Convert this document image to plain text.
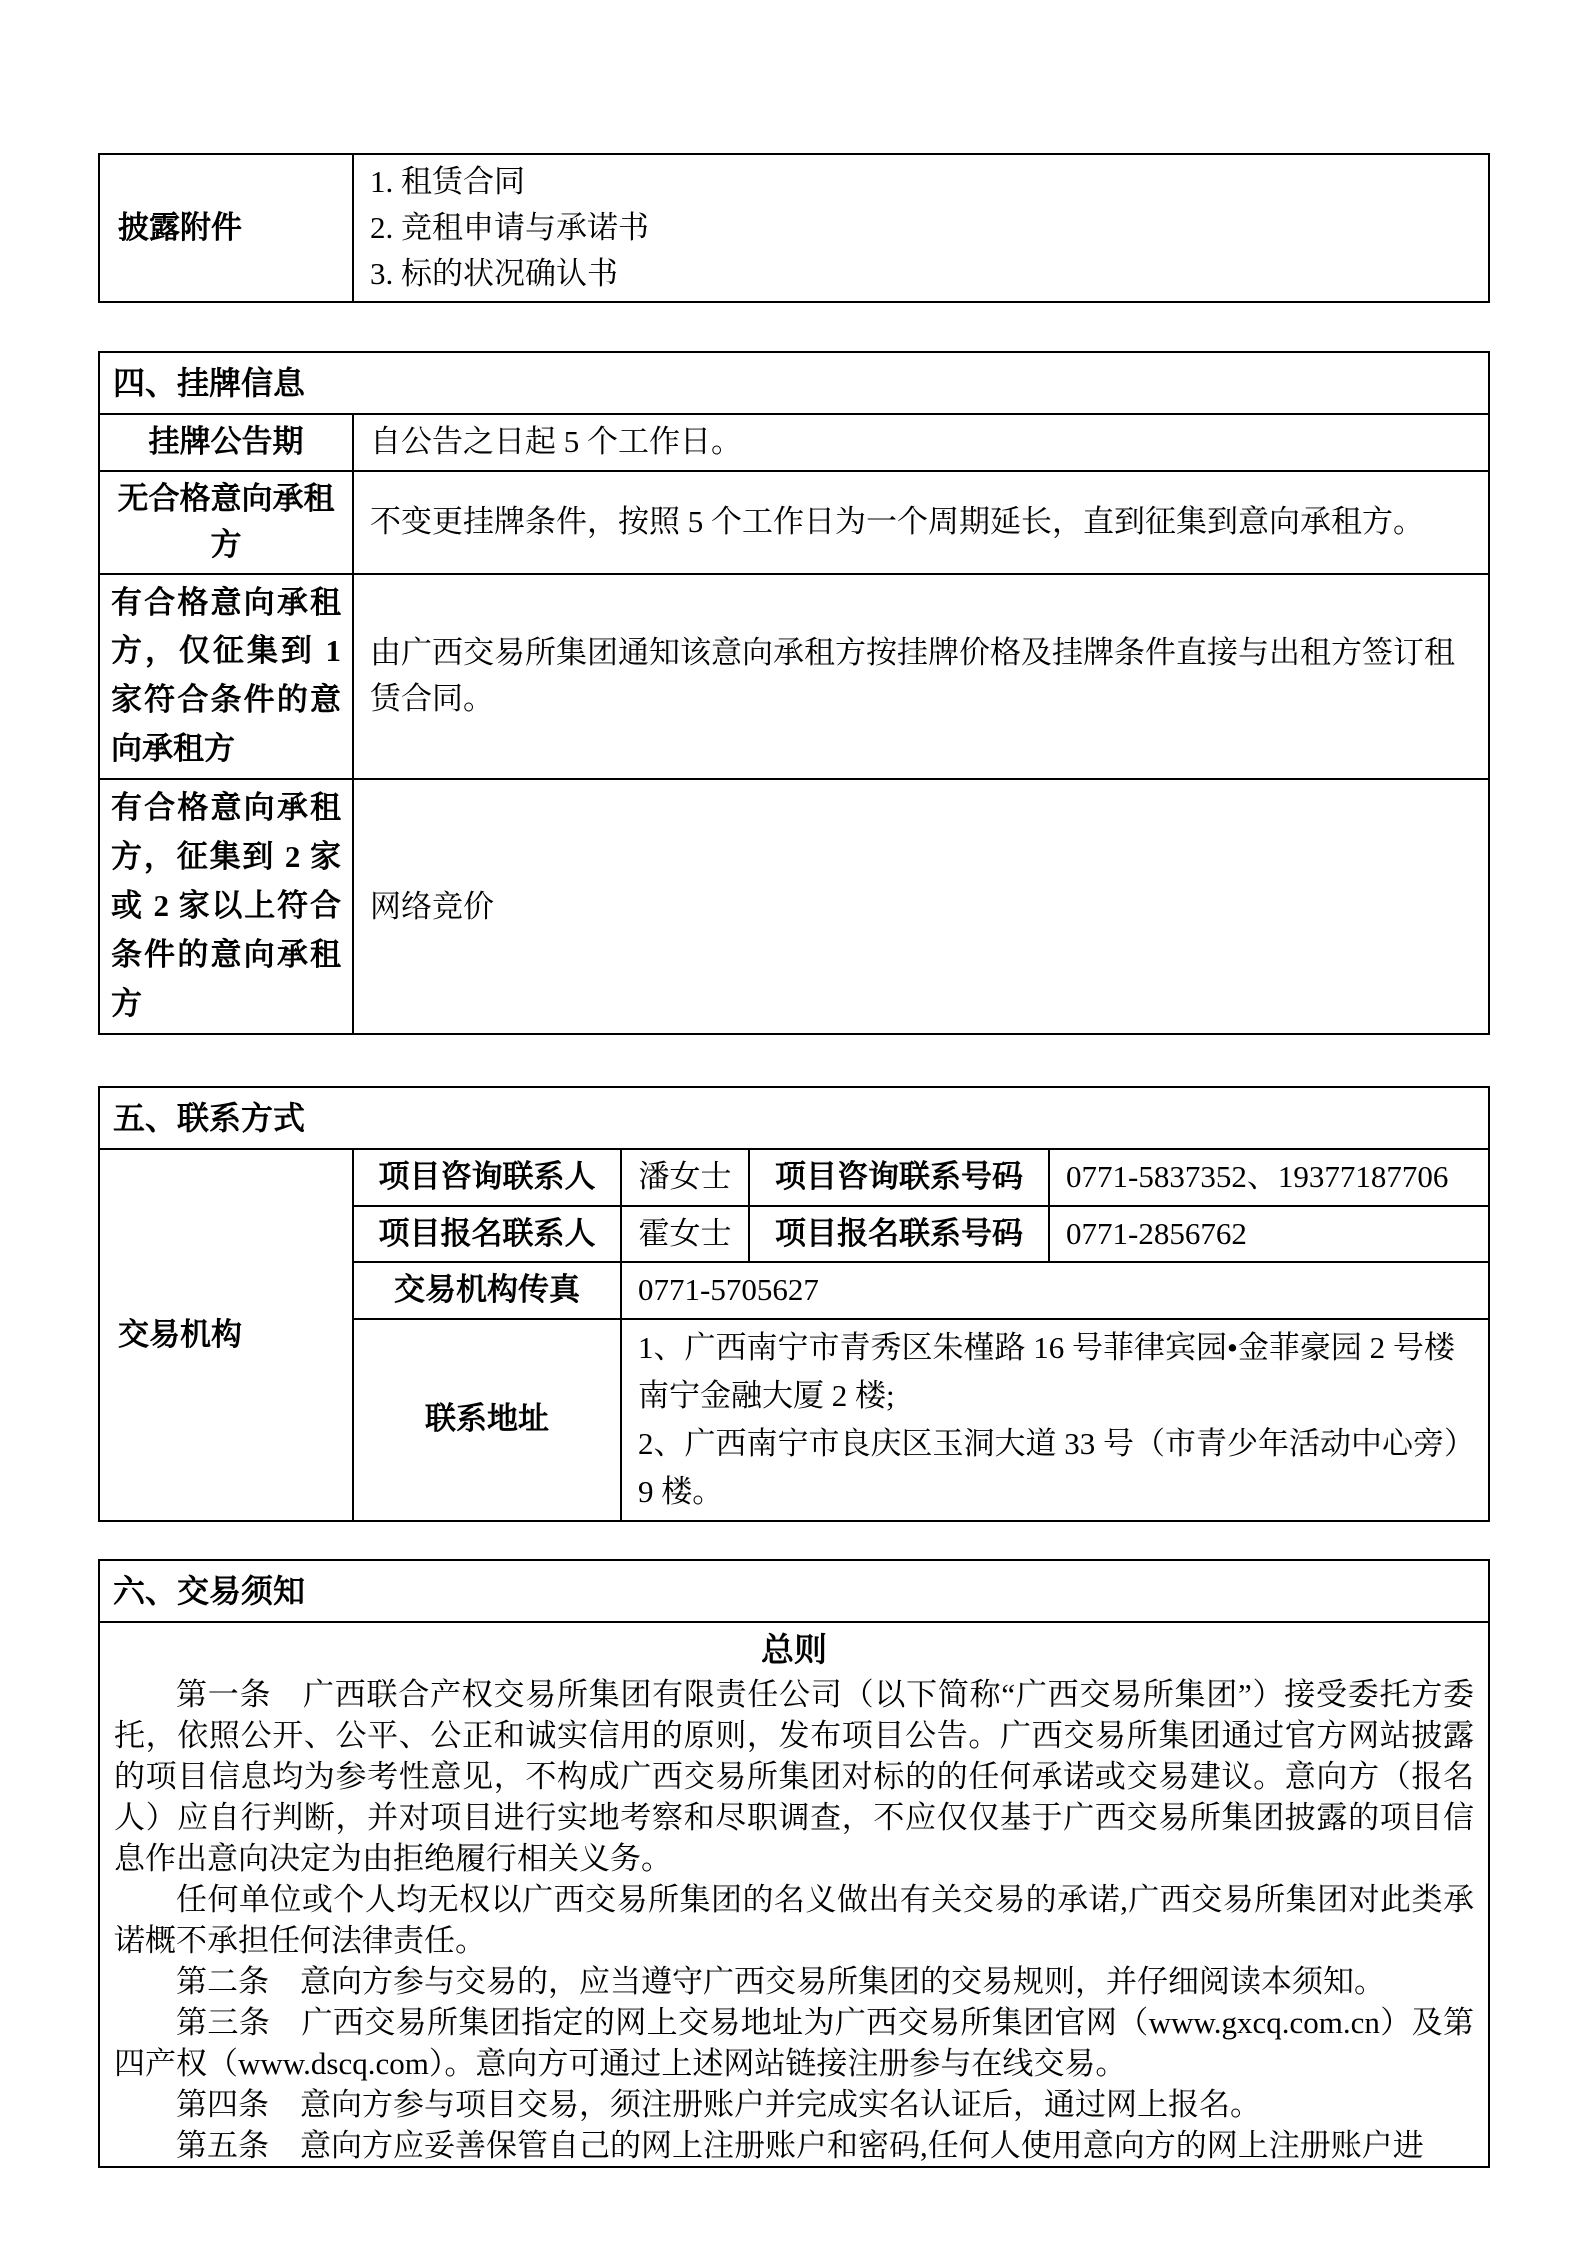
披露附件	

1. 租赁合同

2. 竞租申请与承诺书

3. 标的状况确认书

四、挂牌信息	
挂牌公告期	自公告之日起 5 个工作日。
无合格意向承租方	不变更挂牌条件，按照 5 个工作日为一个周期延长，直到征集到意向承租方。
有合格意向承租方，仅征集到 1 家符合条件的意向承租方	由广西交易所集团通知该意向承租方按挂牌价格及挂牌条件直接与出租方签订租赁合同。
有合格意向承租方，征集到 2 家或 2 家以上符合条件的意向承租方	网络竞价
五、联系方式				
交易机构	项目咨询联系人	潘女士	项目咨询联系号码	0771-5837352、19377187706
	项目报名联系人	霍女士	项目报名联系号码	0771-2856762
	交易机构传真	0771-5705627		
	联系地址	1、广西南宁市青秀区朱槿路 16 号菲律宾园•金菲豪园 2 号楼南宁金融大厦 2 楼;

2、广西南宁市良庆区玉洞大道 33 号（市青少年活动中心旁）9 楼。		

六、交易须知

总则

第一条　广西联合产权交易所集团有限责任公司（以下简称“广西交易所集团”）接受委托方委托，依照公开、公平、公正和诚实信用的原则，发布项目公告。广西交易所集团通过官方网站披露的项目信息均为参考性意见，不构成广西交易所集团对标的的任何承诺或交易建议。意向方（报名人）应自行判断，并对项目进行实地考察和尽职调查，不应仅仅基于广西交易所集团披露的项目信息作出意向决定为由拒绝履行相关义务。

任何单位或个人均无权以广西交易所集团的名义做出有关交易的承诺,广西交易所集团对此类承诺概不承担任何法律责任。

第二条　意向方参与交易的，应当遵守广西交易所集团的交易规则，并仔细阅读本须知。

第三条　广西交易所集团指定的网上交易地址为广西交易所集团官网（www.gxcq.com.cn）及第四产权（www.dscq.com）。意向方可通过上述网站链接注册参与在线交易。

第四条　意向方参与项目交易，须注册账户并完成实名认证后，通过网上报名。

第五条　意向方应妥善保管自己的网上注册账户和密码,任何人使用意向方的网上注册账户进
